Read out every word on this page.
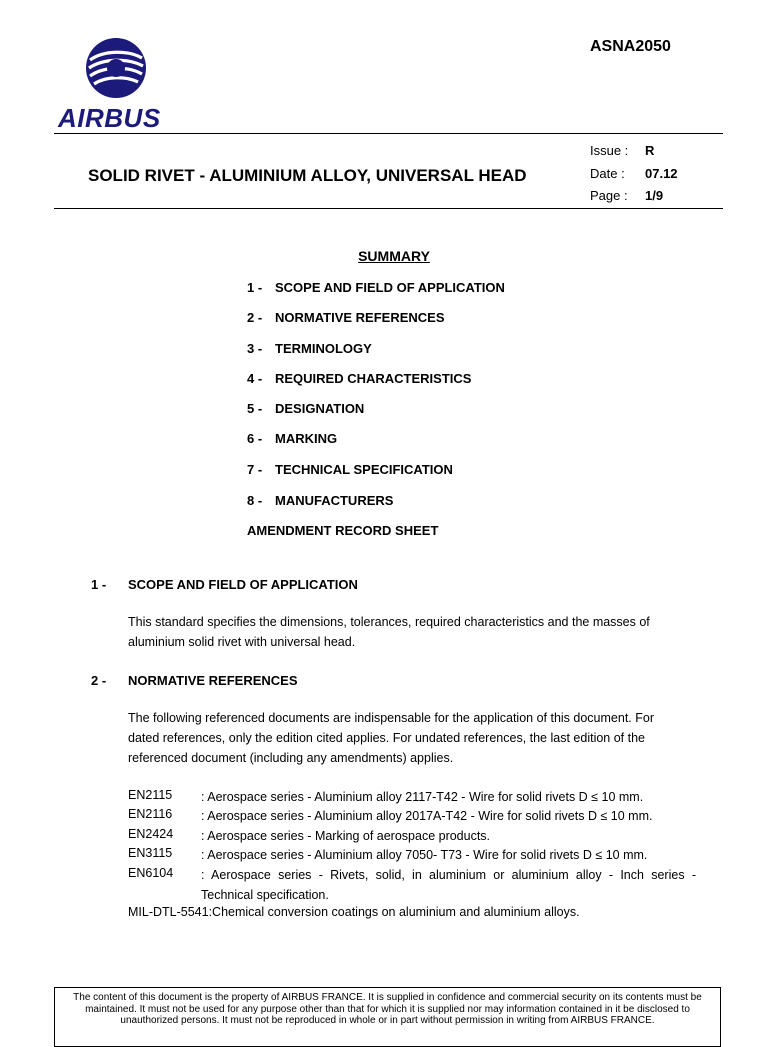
AIRBUS
ASNA2050
SOLID RIVET - ALUMINIUM ALLOY, UNIVERSAL HEAD
Issue : R
Date : 07.12
Page : 1/9
SUMMARY
1 - SCOPE AND FIELD OF APPLICATION
2 - NORMATIVE REFERENCES
3 - TERMINOLOGY
4 - REQUIRED CHARACTERISTICS
5 - DESIGNATION
6 - MARKING
7 - TECHNICAL SPECIFICATION
8 - MANUFACTURERS
AMENDMENT RECORD SHEET
1 - SCOPE AND FIELD OF APPLICATION
This standard specifies the dimensions, tolerances, required characteristics and the masses of aluminium solid rivet with universal head.
2 - NORMATIVE REFERENCES
The following referenced documents are indispensable for the application of this document. For dated references, only the edition cited applies. For undated references, the last edition of the referenced document (including any amendments) applies.
EN2115 : Aerospace series - Aluminium alloy 2117-T42 - Wire for solid rivets D ≤ 10 mm.
EN2116 : Aerospace series - Aluminium alloy 2017A-T42 - Wire for solid rivets D ≤ 10 mm.
EN2424 : Aerospace series - Marking of aerospace products.
EN3115 : Aerospace series - Aluminium alloy 7050- T73 - Wire for solid rivets D ≤ 10 mm.
EN6104 : Aerospace series - Rivets, solid, in aluminium or aluminium alloy - Inch series - Technical specification.
MIL-DTL-5541:Chemical conversion coatings on aluminium and aluminium alloys.
The content of this document is the property of AIRBUS FRANCE. It is supplied in confidence and commercial security on its contents must be maintained. It must not be used for any purpose other than that for which it is supplied nor may information contained in it be disclosed to unauthorized persons. It must not be reproduced in whole or in part without permission in writing from AIRBUS FRANCE.
